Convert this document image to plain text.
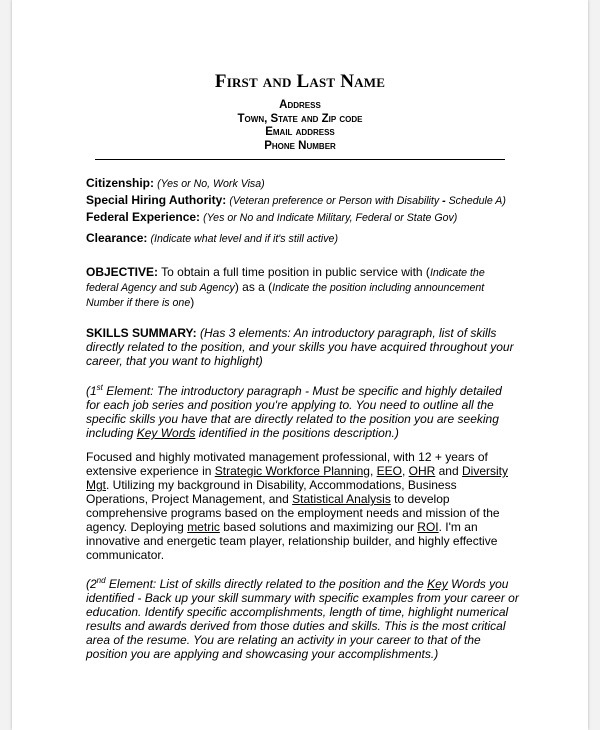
First and Last Name
Address
Town, State and Zip code
Email address
Phone Number
Citizenship: (Yes or No, Work Visa)
Special Hiring Authority: (Veteran preference or Person with Disability - Schedule A)
Federal Experience: (Yes or No and Indicate Military, Federal or State Gov)
Clearance: (Indicate what level and if it's still active)
OBJECTIVE: To obtain a full time position in public service with (Indicate the
federal Agency and sub Agency) as a (Indicate the position including announcement
Number if there is one)
SKILLS SUMMARY: (Has 3 elements: An introductory paragraph, list of skills
directly related to the position, and your skills you have acquired throughout your
career, that you want to highlight)
(1st Element: The introductory paragraph - Must be specific and highly detailed
for each job series and position you're applying to. You need to outline all the
specific skills you have that are directly related to the position you are seeking
including Key Words identified in the positions description.)
Focused and highly motivated management professional, with 12 + years of
extensive experience in Strategic Workforce Planning, EEO, OHR and Diversity
Mgt. Utilizing my background in Disability, Accommodations, Business
Operations, Project Management, and Statistical Analysis to develop
comprehensive programs based on the employment needs and mission of the
agency. Deploying metric based solutions and maximizing our ROI. I'm an
innovative and energetic team player, relationship builder, and highly effective
communicator.
(2nd Element: List of skills directly related to the position and the Key Words you
identified - Back up your skill summary with specific examples from your career or
education. Identify specific accomplishments, length of time, highlight numerical
results and awards derived from those duties and skills. This is the most critical
area of the resume. You are relating an activity in your career to that of the
position you are applying and showcasing your accomplishments.)
